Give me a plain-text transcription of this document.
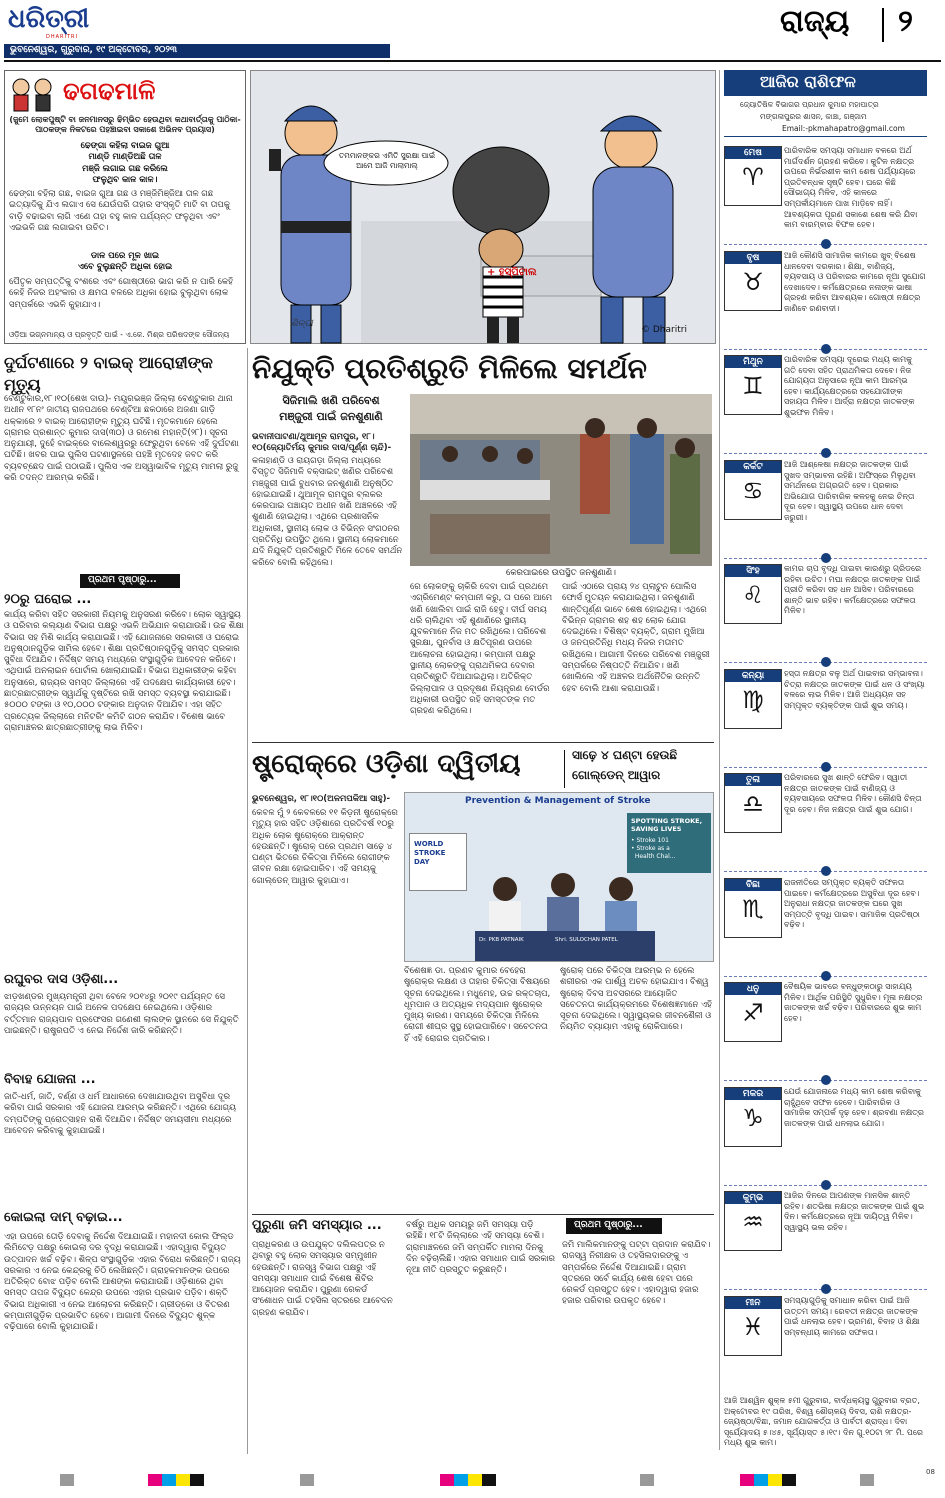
ଧରିତ୍ରୀ
DHARITRI
ଭୁବନେଶ୍ୱର, ଗୁରୁବାର, ୧୯ ଅକ୍ଟୋବର, ୨୦୨୩
ରାଜ୍ୟ ୨
ଢଗଢମାଳି
(ଜୁମେ ଲୋକପୁଷ୍ଟି ବା ଜନମାନସରୁ ଢିମ୍ଭିତ ହେଉଥିବା କଥାବାର୍ତ୍ତାକୁ ପାଠିକା-ପାଠକଙ୍କ ନିକଟରେ ପହଞ୍ଚାଇବା ସକାଶେ ଅଭିନବ ପ୍ରୟାସ)
ଢେଙ୍ଗା କହିଲା ବାଇଜ ଗୁଆ
ମାଣ୍ଡି ମାଣ୍ଡିଅଛି ତାଳ
ମଞ୍ଜି ଲଗାଇ ଗଛ କରିଲେ
ଫଳୁଥିବ କାଳ କାଳ।
ଢେଙ୍ଗା ବହିଲା ଗଛ, ବାଇଜ ଗୁଆ ଗଛ ଓ ମଞ୍ଜିମିଞ୍ଜିଆ ତାଳ ଗଛ ଇତ୍ୟାଦିକୁ ଯିଏ ଲଗାଏ ସେ ଯେଉଁପରି ତାହାର ସଂସ୍କୃତି ମାଟି ବା ତାପକୁ ବାଡ଼ି ବଢାଇବା ଲାଗି ଏଣେ ତାହା ବହୁ କାଳ ପର୍ଯ୍ୟନ୍ତ ଫଳୁଥିବା ଏବଂ ଏଇଭଳି ଗଛ ଲଗାଇବା ଉଚିତ।
ଡାଳ ପରେ ମୂଳ ଖାଇ
ଏବେ ବୁଲୁଛନ୍ତି ଅଧିକା ହୋଇ
ପୈତୃକ ସମ୍ପତ୍ତିକୁ ବଂଶରେ ଏବଂ ଗୋଷ୍ଠୀରେ ଭାଗ କରି ନ ପାରି କେହି କେହି ନିଜର ଅହଂକାର ଓ କ୍ଷମତା ବଳରେ ଅଧିକା ହୋଇ ବୁଲୁଥିବା ଲୋକ ସମ୍ପର୍କରେ ଏଭଳି କୁହାଯାଏ।
ଓଡ଼ିଆ ଭଗ୍ନମାନ୍ୟ ଓ ପ୍ରବୃତ୍ତି ପାଇଁ - ଏ.କେ. ମିଶ୍ର ପରିଷଦଙ୍କ ସୌଜନ୍ୟ
ତମମାନଙ୍କର ଏମିତି ସୁରକ୍ଷା ପାଇଁ ଆମେ ଆଜି ମାଲାମାଲ୍
+ ହସ୍ପିଟାଲ
ଶିଳ୍ପୀ
© Dharitri
ଆଜିର ରାଶିଫଳ
ଜ୍ୟୋତିଷିଳ ବିଭାଗର ପ୍ରଧାନ କୁମାର ମହାପାତ୍ର
ମଙ୍ଗଳାପୁରର ଶାସନ, କାଞ୍ଚା, ଗଞ୍ଜାମ
Email:-pkmahapatro@gmail.com
ମେଷ
♈
ପାରିବାରିକ ସମସ୍ୟା ସମାଧାନ ବଳରେ ଅର୍ଥ ମାର୍ଗଦର୍ଶନ ଗ୍ରହଣ କରିବେ। କୁଟିଳ ନକ୍ଷତ୍ର ଉପରେ ନିର୍ଭରଶୀଳ କାମ ଶେଷ ପର୍ଯ୍ୟାୟରେ ପ୍ରତିବନ୍ଧକ ସୃଷ୍ଟି ହେବ। ଘରେ କିଛି ସୌଭାଗ୍ୟ ମିଳିବ, ଏହି କାଳରେ ସମ୍ପର୍କୀୟମାନେ ପାଖ ମାଡ଼ିବେ ନାହିଁ। ଆବଶ୍ୟକତା ପୂରଣ ସକାଶେ ଶେଷ କରି ଯିବା କାମ ବାରମ୍ବାର ବିଫଳ ହେବ।
ବୃଷ
♉
ଆଜି କୌଣସି ସାମାଜିକ କାମରେ ଖୁବ୍ ବିଶେଷ ଧାନଦେବା ଦରକାର। ଶିକ୍ଷା, ବାଣିଜ୍ୟ, ବ୍ୟବସାୟ ଓ ପରିବାରର କାମରେ ନୂଆ ସୁଯୋଗ ଦେଖାଦେବ। କର୍ମକ୍ଷେତ୍ରରେ ନନାଙ୍କ ଭାଷା ଗ୍ରହଣ କରିବା ଆବଶ୍ୟକ। ଗୋଷ୍ଠୀ ନକ୍ଷତ୍ର ଜାଣିବେ ରଣବାଦୀ।
ମିଥୁନ
♊
ପାରିବାରିକ ସମସ୍ୟା ଦୂରେଇ ମଧ୍ୟ କାମକୁ ଗତି ଦେବା ସହିତ ପ୍ରାଥମିକତା ଦେବେ। ନିଜ ଯୋଗ୍ୟତା ଅନୁସାରେ ନୂଆ କାମ ଆରମ୍ଭ ହେବ। କାର୍ଯ୍ୟକ୍ଷେତ୍ରରେ ସହଯୋଗୀଙ୍କ ସହାୟତା ମିଳିବ। ଆର୍ଦ୍ରା ନକ୍ଷତ୍ର ଜାତକଙ୍କ ଶୁଭଫଳ ମିଳିବ।
କର୍କଟ
♋
ଆଜି ଆଶ୍ଳେଷା ନକ୍ଷତ୍ର ଜାତକଙ୍କ ପାଇଁ ସୁଖଦ ସମ୍ଭାବନା ରହିଛି। ଅଫିସ୍‌ରେ ମିଳୁଥିବା ସମର୍ଥନରେ ଅଗ୍ରଗତି ହେବ। ପ୍ରକାର ଅଭିଯୋଗ ପାରିବାରିକ କଳହକୁ ନେଇ ଚିନ୍ତା ଦୂର ହେବ। ସ୍ୱାସ୍ଥ୍ୟ ଉପରେ ଧାନ ଦେବା ଜରୁରୀ।
ସିଂହ
♌
କାମର ଚାପ ବୃଦ୍ଧି ପାଇବା କାରଣରୁ ଗ୍ରିଡରେ ରହିବା ଉଚିତ। ମଘା ନକ୍ଷତ୍ର ଜାତକଙ୍କ ପାଇଁ ପ୍ରୀତି କରିବା ସହ ଧନ ଆସିବ। ପରିବାରରେ ଶାନ୍ତି ଭାବ ରହିବ। କର୍ମକ୍ଷେତ୍ରରେ ସଫଳତା ମିଳିବ।
କନ୍ୟା
♍
ହସ୍ତା ନକ୍ଷତ୍ର ବଳୁ ଅର୍ଥ ପାଇବାର ସମ୍ଭାବନା। ଚିତ୍ରା ନକ୍ଷତ୍ର ଜାତକଙ୍କ ପାଇଁ ଧନ ଓ ସଂଖ୍ୟା ବଳରେ ଲାଭ ମିଳିବ। ଆଜି ଅଧ୍ୟୟନ ସହ ସମ୍ପୃକ୍ତ ବ୍ୟକ୍ତିଙ୍କ ପାଇଁ ଶୁଭ ସମୟ।
ତୁଳା
♎
ପରିବାରରେ ସୁଖ ଶାନ୍ତି ଫେରିବ। ସ୍ୱାତୀ ନକ୍ଷତ୍ର ଜାତକଙ୍କ ପାଇଁ ବାଣିଜ୍ୟ ଓ ବ୍ୟବସାୟରେ ସଫଳତା ମିଳିବ। କୌଣସି ଚିନ୍ତା ଦୂର ହେବ। ନିଜ ନକ୍ଷତ୍ର ପାଇଁ ଶୁଭ ଯୋଗ।
ବିଛା
♏
ରାଜନୀତିରେ ସମ୍ପୃକ୍ତ ବ୍ୟକ୍ତି ସଫଳତା ପାଇବେ। କର୍ମକ୍ଷେତ୍ରରେ ଅସୁବିଧା ଦୂର ହେବ। ଅନୁରାଧା ନକ୍ଷତ୍ର ଜାତକଙ୍କ ଘରେ ସୁଖ ସମ୍ପତ୍ତି ବୃଦ୍ଧି ପାଇବ। ସାମାଜିକ ପ୍ରତିଷ୍ଠା ବଢ଼ିବ।
ଧନୁ
♐
ବୈଷୟିକ ଭାବରେ ବନ୍ଧୁଙ୍କଠାରୁ ସାହାଯ୍ୟ ମିଳିବ। ଆର୍ଥିକ ପରିସ୍ଥିତି ସୁଧୁରିବ। ମୂଳା ନକ୍ଷତ୍ର ଜାତକଙ୍କ ଖର୍ଚ୍ଚ ବଢ଼ିବ। ପରିବାରରେ ଶୁଭ କାମ ହେବ।
ମକର
♑
ଯେଉଁ ଯୋଜନାରେ ମଧ୍ୟ କାମ ଶେଷ କରିବାକୁ ଚାହୁଁଥିବେ ସଫଳ ହେବେ। ପାରିବାରିକ ଓ ସାମାଜିକ ସମ୍ପର୍କ ଦୃଢ଼ ହେବ। ଶ୍ରବଣା ନକ୍ଷତ୍ର ଜାତକଙ୍କ ପାଇଁ ଧନଲାଭ ଯୋଗ।
କୁମ୍ଭ
♒
ଆଜିର ଦିନରେ ଆପଣଙ୍କ ମାନସିକ ଶାନ୍ତି ରହିବ। ଶତଭିଷା ନକ୍ଷତ୍ର ଜାତକଙ୍କ ପାଇଁ ଶୁଭ ଦିନ। କର୍ମକ୍ଷେତ୍ରରେ ନୂଆ ଦାୟିତ୍ୱ ମିଳିବ। ସ୍ୱାସ୍ଥ୍ୟ ଭଲ ରହିବ।
ମୀନ
♓
ସମସ୍ୟାଗୁଡ଼ିକୁ ସମାଧାନ କରିବା ପାଇଁ ଆଜି ଉତ୍ତମ ସମୟ। ରେବତୀ ନକ୍ଷତ୍ର ଜାତକଙ୍କ ପାଇଁ ଧନଲାଭ ହେବ। ଭ୍ରମଣ, ବିବାହ ଓ ଶିକ୍ଷା ସମ୍ବନ୍ଧୀୟ କାମରେ ସଫଳତା।
ଆଜି ଆଶ୍ୱିନ ଶୁକ୍ଳ ୫ମୀ ଗୁରୁବାର, ବାର୍ଦ୍ଧକ୍ୟସ୍ଥ ଗୁରୁବାର ବ୍ରତ, ଅକ୍ଟୋବର ୧୯ ତାରିଖ, ବିଶ୍ୱ ଶୌଚାଳୟ ଦିବସ, ରାଶି ନକ୍ଷତ୍ର- ଜ୍ୟେଷ୍ଠା/ବିଛା, ଜମାନ ଯୋଗକର୍ତ୍ତା ଓ ପାର୍ବତୀ ଶ୍ରାଦ୍ଧ। ଦିବା ସୂର୍ଯ୍ୟୋଦୟ ୫।୪୫, ସୂର୍ଯ୍ୟାସ୍ତ ୫।୧୯। ଦିନ ଗୁ.୧୦ଟା ୨୮ ମି. ପରେ ମଧ୍ୟ ଶୁଭ କାମ।
ଦୁର୍ଘଟଣାରେ ୨ ବାଇକ୍ ଆରୋହୀଙ୍କ ମୃତ୍ୟୁ
ବେଣ୍ଟୁକାର,୧୮।୧୦(ଶେଖ ଦାଉ)- ମୟୂରଭଞ୍ଜ ଜିଲ୍ଲା ବେଣ୍ଟୁକାର ଥାନା ଅଧୀନ ୧୮ନଂ ଜାତୀୟ ରାଜପଥରେ ବେଣ୍ଟିଆ ଛକଠାରେ ଅଜଣା ଗାଡ଼ି ଧକ୍କାରେ ୨ ବାଇକ୍ ଆରୋହୀଙ୍କ ମୃତ୍ୟୁ ଘଟିଛି। ମୃତକମାନେ ହେଲେ ଗ୍ରାମର ପ୍ରଶାନ୍ତ କୁମାର ଦାସ(୩୦) ଓ ରମେଶ ମହାନ୍ତି(୨୮)। ସୂଚନା ଅନୁଯାୟୀ, ଦୁହେଁ ବାଇକ୍‌ରେ ବାଲେଶ୍ୱରରୁ ଫେରୁଥିବା ବେଳେ ଏହି ଦୁର୍ଘଟଣା ଘଟିଛି। ଖବର ପାଇ ପୁଲିସ ଘଟଣାସ୍ଥଳରେ ପହଞ୍ଚି ମୃତଦେହ ଜବତ କରି ବ୍ୟବଚ୍ଛେଦ ପାଇଁ ପଠାଇଛି। ପୁଲିସ ଏକ ଅସ୍ୱାଭାବିକ ମୃତ୍ୟୁ ମାମଲା ରୁଜୁ କରି ତଦନ୍ତ ଆରମ୍ଭ କରିଛି।
ପ୍ରଥମ ପୃଷ୍ଠାରୁ...
୨୦ରୁ ଘରୋଇ ...
କାର୍ଯ୍ୟ କରିବା ସହିତ ସରକାରୀ ନିୟମକୁ ଅନୁସରଣ କରିବେ। ଲୋକ ସ୍ୱାସ୍ଥ୍ୟ ଓ ପରିବାର କଲ୍ୟାଣ ବିଭାଗ ପକ୍ଷରୁ ଏଭଳି ଅଭିଯାନ କରାଯାଉଛି। ଉଚ୍ଚ ଶିକ୍ଷା ବିଭାଗ ସହ ମିଶି କାର୍ଯ୍ୟ କରାଯାଇଛି। ଏହି ଯୋଜନାରେ ସରକାରୀ ଓ ଘରୋଇ ଅନୁଷ୍ଠାନଗୁଡ଼ିକ ସାମିଲ ହେବେ। ଶିକ୍ଷା ପ୍ରତିଷ୍ଠାନଗୁଡ଼ିକୁ ସମସ୍ତ ପ୍ରକାର ସୁବିଧା ଦିଆଯିବ। ନିର୍ଦ୍ଦିଷ୍ଟ ସମୟ ମଧ୍ୟରେ ସଂସ୍ଥାଗୁଡ଼ିକ ଆବେଦନ କରିବେ। ଏଥିପାଇଁ ଅନଲାଇନ ପୋର୍ଟାଲ ଖୋଲାଯାଇଛି। ବିଭାଗ ଅଧିକାରୀଙ୍କ କହିବା ଅନୁସାରେ, ରାଜ୍ୟର ସମସ୍ତ ଜିଲ୍ଲାରେ ଏହି ପଦକ୍ଷେପ କାର୍ଯ୍ୟକାରୀ ହେବ। ଛାତ୍ରଛାତ୍ରୀଙ୍କ ସ୍ୱାର୍ଥକୁ ଦୃଷ୍ଟିରେ ରଖି ସମସ୍ତ ବ୍ୟବସ୍ଥା କରାଯାଇଛି। ୫୦୦୦ ଟଙ୍କା ଓ ୧୦,୦୦୦ ଟଙ୍କାର ଅନୁଦାନ ଦିଆଯିବ। ଏହା ସହିତ ପ୍ରତ୍ୟେକ ଜିଲ୍ଲାରେ ମନିଟରିଂ କମିଟି ଗଠନ କରାଯିବ। ବିଶେଷ ଭାବେ ଗ୍ରାମାଞ୍ଚଳର ଛାତ୍ରଛାତ୍ରୀଙ୍କୁ ଲାଭ ମିଳିବ।
ରଘୁବର ଦାସ ଓଡ଼ିଶା...
ଝାଡ଼ଖଣ୍ଡର ମୁଖ୍ୟମନ୍ତ୍ରୀ ଥିବା ବେଳେ ୨୦୧୪ରୁ ୨୦୧୯ ପର୍ଯ୍ୟନ୍ତ ସେ ରାଜ୍ୟର ଉନ୍ନୟନ ପାଇଁ ଅନେକ ପଦକ୍ଷେପ ନେଇଥିଲେ। ଓଡ଼ିଶାର ବର୍ତ୍ତମାନ ରାଜ୍ୟପାଳ ପ୍ରଫେସର ଗଣେଶୀ ଲାଲଙ୍କ ସ୍ଥାନରେ ସେ ନିଯୁକ୍ତି ପାଇଛନ୍ତି। ରାଷ୍ଟ୍ରପତି ଏ ନେଇ ନିର୍ଦ୍ଦେଶ ଜାରି କରିଛନ୍ତି।
ବିବାହ ଯୋଜନା ...
ଜାତି-ଧର୍ମ, ଜାତି, ବର୍ଣ୍ଣ ଓ ଧର୍ମ ଆଧାରରେ ଦେଖାଯାଉଥିବା ଅସୁବିଧା ଦୂର କରିବା ପାଇଁ ସରକାର ଏହି ଯୋଜନା ଆରମ୍ଭ କରିଛନ୍ତି। ଏଥିରେ ଯୋଗ୍ୟ ଦମ୍ପତିଙ୍କୁ ପ୍ରୋତ୍ସାହନ ରାଶି ଦିଆଯିବ। ନିର୍ଦ୍ଦିଷ୍ଟ ସମୟସୀମା ମଧ୍ୟରେ ଆବେଦନ କରିବାକୁ କୁହାଯାଇଛି।
କୋଇଲା ଦାମ୍ ବଢ଼ାଇ...
ଏହା ଉପରେ ତୋଡ଼ି ଦେବାକୁ ନିର୍ଦ୍ଦେଶ ଦିଆଯାଇଛି। ମହାନଦୀ କୋଲ ଫିଲ୍ଡ ଲିମିଟେଡ଼ ପକ୍ଷରୁ କୋଇଲା ଦର ବୃଦ୍ଧି କରାଯାଇଛି। ଏହାଦ୍ୱାରା ବିଦ୍ୟୁତ ଉତ୍ପାଦନ ଖର୍ଚ୍ଚ ବଢ଼ିବ। ଶିଳ୍ପ ସଂସ୍ଥାଗୁଡ଼ିକ ଏହାର ବିରୋଧ କରିଛନ୍ତି। ରାଜ୍ୟ ସରକାର ଏ ନେଇ କେନ୍ଦ୍ରକୁ ଚିଠି ଲେଖିଛନ୍ତି। ଗ୍ରାହକମାନଙ୍କ ଉପରେ ଅତିରିକ୍ତ ବୋଝ ପଡ଼ିବ ବୋଲି ଆଶଙ୍କା କରାଯାଉଛି। ଓଡ଼ିଶାରେ ଥିବା ସମସ୍ତ ତାପଜ ବିଦ୍ୟୁତ କେନ୍ଦ୍ର ଉପରେ ଏହାର ପ୍ରଭାବ ପଡ଼ିବ। ଶକ୍ତି ବିଭାଗ ଅଧିକାରୀ ଏ ନେଇ ଆଲୋଚନା କରିଛନ୍ତି। ଗ୍ରୀଡ୍‌କୋ ଓ ବିତରଣ କମ୍ପାନୀଗୁଡ଼ିକ ପ୍ରଭାବିତ ହେବେ। ଆଗାମୀ ଦିନରେ ବିଦ୍ୟୁତ ଶୁଳ୍କ ବଢ଼ିପାରେ ବୋଲି କୁହାଯାଉଛି।
ନିଯୁକ୍ତି ପ୍ରତିଶ୍ରୁତି ମିଳିଲେ ସମର୍ଥନ
ସିଜିମାଲି ଖଣି ପରିବେଶ
ମଞ୍ଜୁରୀ ପାଇଁ ଜନଶୁଣାଣି
ଭବାନୀପାଟଣା/ଥୁଆମୂଳ ରାମପୁର, ୧୮।୧୦(ଜ୍ୟୋତିର୍ମୟ କୁମାର ଦାସ/ପୂର୍ଣ୍ଣ ଚାନ୍ଦି)-
କଳାହାଣ୍ଡି ଓ ରାୟଗଡ଼ା ଜିଲ୍ଲା ମଧ୍ୟରେ ବିସ୍ତୃତ ସିଜିମାଳି ବକ୍ସାଇଟ୍ ଖଣିର ପରିବେଶ ମଞ୍ଜୁରୀ ପାଇଁ ବୁଧବାର ଜନଶୁଣାଣି ଅନୁଷ୍ଠିତ ହୋଇଯାଇଛି। ଥୁଆମୂଳ ରାମପୁର ବ୍ଲକର କେରପାଇ ପଞ୍ଚାୟତ ଅଧୀନ ଖଣି ଅଞ୍ଚଳରେ ଏହି ଶୁଣାଣି ହୋଇଥିଲା। ଏଥିରେ ପ୍ରଶାସନିକ ଅଧିକାରୀ, ସ୍ଥାନୀୟ ଲୋକ ଓ ବିଭିନ୍ନ ସଂଗଠନର ପ୍ରତିନିଧି ଉପସ୍ଥିତ ଥିଲେ। ସ୍ଥାନୀୟ ଲୋକମାନେ ଯଦି ନିଯୁକ୍ତି ପ୍ରତିଶ୍ରୁତି ମିଳେ ତେବେ ସମର୍ଥନ କରିବେ ବୋଲି କହିଥିଲେ।
କେରପାଇରେ ଉପସ୍ଥିତ ଜନଶୁଣାଣି।
ରେ ଲୋକଙ୍କୁ ଚାକିରି ଦେବା ପାଇଁ ପ୍ରଥମେ ଏଗ୍ରିମେଣ୍ଟ କମ୍ପାନୀ କରୁ, ତା ପରେ ଆମେ ଖଣି ଖୋଲିବା ପାଇଁ ରାଜି ହେବୁ। ଦୀର୍ଘ ସମୟ ଧରି ଚାଲିଥିବା ଏହି ଶୁଣାଣିରେ ସ୍ଥାନୀୟ ଯୁବକମାନେ ନିଜ ମତ ରଖିଥିଲେ। ପରିବେଶ ସୁରକ୍ଷା, ପୁନର୍ବାସ ଓ କ୍ଷତିପୂରଣ ଉପରେ ଆଲୋଚନା ହୋଇଥିଲା। କମ୍ପାନୀ ପକ୍ଷରୁ ସ୍ଥାନୀୟ ଲୋକଙ୍କୁ ପ୍ରାଥମିକତା ଦେବାର ପ୍ରତିଶ୍ରୁତି ଦିଆଯାଇଥିଲା। ଅତିରିକ୍ତ ଜିଲ୍ଲାପାଳ ଓ ପ୍ରଦୂଷଣ ନିୟନ୍ତ୍ରଣ ବୋର୍ଡର ଅଧିକାରୀ ଉପସ୍ଥିତ ରହି ସମସ୍ତଙ୍କ ମତ ଗ୍ରହଣ କରିଥିଲେ।
ପାଇଁ ଏଠାରେ ପ୍ରାୟ ୨୪ ପ୍ଲାଟୁନ ପୋଲିସ ଫୋର୍ସ ମୁତୟନ କରାଯାଇଥିଲା। ଜନଶୁଣାଣି ଶାନ୍ତିପୂର୍ଣ୍ଣ ଭାବେ ଶେଷ ହୋଇଥିଲା। ଏଥିରେ ବିଭିନ୍ନ ଗ୍ରାମର ଶହ ଶହ ଲୋକ ଯୋଗ ଦେଇଥିଲେ। ବିଶିଷ୍ଟ ବ୍ୟକ୍ତି, ଗ୍ରାମ ମୁଖିଆ ଓ ଜନପ୍ରତିନିଧି ମଧ୍ୟ ନିଜର ମତାମତ ରଖିଥିଲେ। ଆଗାମୀ ଦିନରେ ପରିବେଶ ମଞ୍ଜୁରୀ ସମ୍ପର୍କରେ ନିଷ୍ପତ୍ତି ନିଆଯିବ। ଖଣି ଖୋଲିଲେ ଏହି ଅଞ୍ଚଳର ଅର୍ଥନୈତିକ ଉନ୍ନତି ହେବ ବୋଲି ଆଶା କରାଯାଉଛି।
ଷ୍ଟ୍ରୋକ୍‌ରେ ଓଡ଼ିଶା ଦ୍ୱିତୀୟ	ସାଢ଼େ ୪ ଘଣ୍ଟା ହେଉଛି
ଗୋଲ୍‌ଡେନ୍ ଆୱାର
ଭୁବନେଶ୍ୱର, ୧୮।୧୦(ଅଳମପକିଆ ସାହୁ)-
କେବଳ ମୁଁ ୨ କେବଳରେ ୧୧ କିଡ଼ନୀ ଷ୍ଟ୍ରୋକ୍‌ରେ ମୃତ୍ୟୁ ହାର ସହିତ ଓଡ଼ିଶାରେ ପ୍ରତିବର୍ଷ ୧୦ରୁ ଅଧିକ ଲୋକ ଷ୍ଟ୍ରୋକ୍‌ରେ ଆକ୍ରାନ୍ତ ହେଉଛନ୍ତି। ଷ୍ଟ୍ରୋକ୍ ପରେ ପ୍ରଥମ ସାଢ଼େ ୪ ଘଣ୍ଟା ଭିତରେ ଚିକିତ୍ସା ମିଳିଲେ ରୋଗୀଙ୍କ ଜୀବନ ରକ୍ଷା ହୋଇପାରିବ। ଏହି ସମୟକୁ ଗୋଲ୍‌ଡେନ୍ ଆୱାର କୁହାଯାଏ।
Prevention & Management of Stroke
WORLD
STROKE
DAY
SPOTTING STROKE,
SAVING LIVES
• Stroke 101
• Stroke as a
Health Chal...
Dr. PKB PATNAIK	Shri. SULOCHAN PATEL
ବିଶେଷଜ୍ଞ ଡା. ପ୍ରଣବ କୁମାର ବେହେରା ଷ୍ଟ୍ରୋକ୍‌ର ଲକ୍ଷଣ ଓ ତାହାର ଚିକିତ୍ସା ବିଷୟରେ ସୂଚନା ଦେଇଥିଲେ। ମଧୁମେହ, ଉଚ୍ଚ ରକ୍ତଚାପ, ଧୂମପାନ ଓ ଅତ୍ୟଧିକ ମଦ୍ୟପାନ ଷ୍ଟ୍ରୋକ୍‌ର ମୁଖ୍ୟ କାରଣ। ସମୟରେ ଚିକିତ୍ସା ମିଳିଲେ ରୋଗୀ ଶୀଘ୍ର ସୁସ୍ଥ ହୋଇପାରିବେ। ସଚେତନତା ହିଁ ଏହି ରୋଗର ପ୍ରତିକାର।
ଷ୍ଟ୍ରୋକ୍ ପରେ ଚିକିତ୍ସା ଆରମ୍ଭ ନ ହେଲେ ଶରୀରର ଏକ ପାର୍ଶ୍ୱ ଅଚଳ ହୋଇଯାଏ। ବିଶ୍ୱ ଷ୍ଟ୍ରୋକ୍ ଦିବସ ଅବସରରେ ଆୟୋଜିତ ସଚେତନତା କାର୍ଯ୍ୟକ୍ରମରେ ବିଶେଷଜ୍ଞମାନେ ଏହି ସୂଚନା ଦେଇଥିଲେ। ସ୍ୱାସ୍ଥ୍ୟକର ଜୀବନଶୈଳୀ ଓ ନିୟମିତ ବ୍ୟାୟାମ ଏହାକୁ ରୋକିପାରେ।
ପୁରୁଣା ଜମି ସମସ୍ୟାର ...
ପ୍ରାଧିକରଣ ଓ ଉପଯୁକ୍ତ ଦଲିଲପତ୍ର ନ ଥିବାରୁ ବହୁ ଲୋକ ସମସ୍ୟାର ସମ୍ମୁଖୀନ ହେଉଛନ୍ତି। ରାଜସ୍ୱ ବିଭାଗ ପକ୍ଷରୁ ଏହି ସମସ୍ୟା ସମାଧାନ ପାଇଁ ବିଶେଷ ଶିବିର ଆୟୋଜନ କରାଯିବ। ପୁରୁଣା ରେକର୍ଡ ସଂଶୋଧନ ପାଇଁ ତହସିଲ ସ୍ତରରେ ଆବେଦନ ଗ୍ରହଣ କରାଯିବ।
ବର୍ଷରୁ ଅଧିକ ସମୟରୁ ଜମି ସମସ୍ୟା ପଡ଼ି ରହିଛି। ୧୮ଟି ଜିଲ୍ଲାରେ ଏହି ସମସ୍ୟା ବେଶି। ଗ୍ରାମାଞ୍ଚଳରେ ଜମି ସମ୍ପର୍କିତ ମାମଲା ଦିନକୁ ଦିନ ବଢ଼ିଚାଲିଛି। ଏହାର ସମାଧାନ ପାଇଁ ସରକାର ନୂଆ ନୀତି ପ୍ରସ୍ତୁତ କରୁଛନ୍ତି।
ପ୍ରଥମ ପୃଷ୍ଠାରୁ...
ଜମି ମାଲିକମାନଙ୍କୁ ପଟ୍ଟା ପ୍ରଦାନ କରାଯିବ। ରାଜସ୍ୱ ନିରୀକ୍ଷକ ଓ ତହସିଲଦାରଙ୍କୁ ଏ ସମ୍ପର୍କରେ ନିର୍ଦ୍ଦେଶ ଦିଆଯାଇଛି। ଗ୍ରାମ ସ୍ତରରେ ସର୍ବେ କାର୍ଯ୍ୟ ଶେଷ ହେବା ପରେ ରେକର୍ଡ ପ୍ରସ୍ତୁତ ହେବ। ଏହାଦ୍ୱାରା ହଜାର ହଜାର ପରିବାର ଉପକୃତ ହେବେ।
08
